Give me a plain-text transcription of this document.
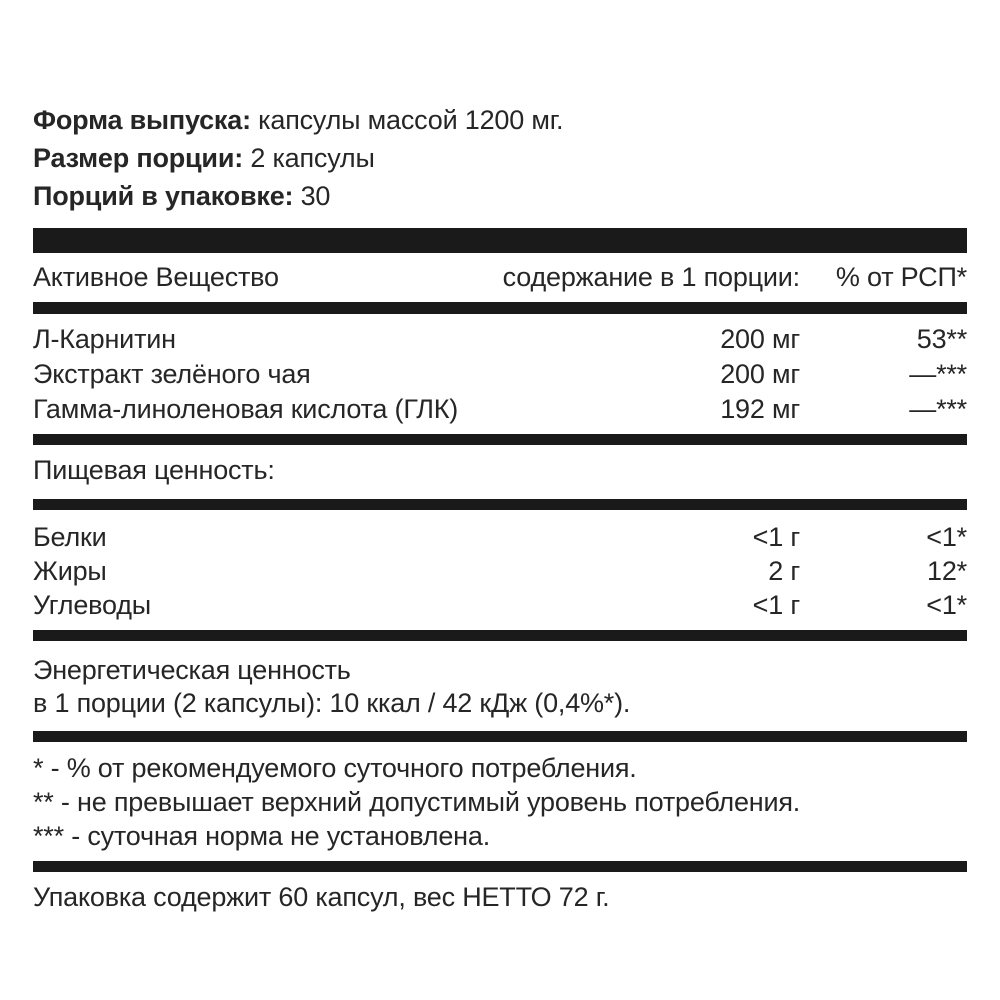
Форма выпуска: капсулы массой 1200 мг.

Размер порции: 2 капсулы

Порций в упаковке: 30

Активное Вещество	содержание в 1 порции:	% от РСП*
Л-Карнитин	200 мг	53**
Экстракт зелёного чая	200 мг	—***
Гамма-линоленовая кислота (ГЛК)	192 мг	—***
Пищевая ценность:
Белки	<1 г	<1*
Жиры	2 г	12*
Углеводы	<1 г	<1*
Энергетическая ценность
в 1 порции (2 капсулы): 10 ккал / 42 кДж (0,4%*).
* - % от рекомендуемого суточного потребления.
** - не превышает верхний допустимый уровень потребления.
*** - суточная норма не установлена.
Упаковка содержит 60 капсул, вес НЕТТО 72 г.
